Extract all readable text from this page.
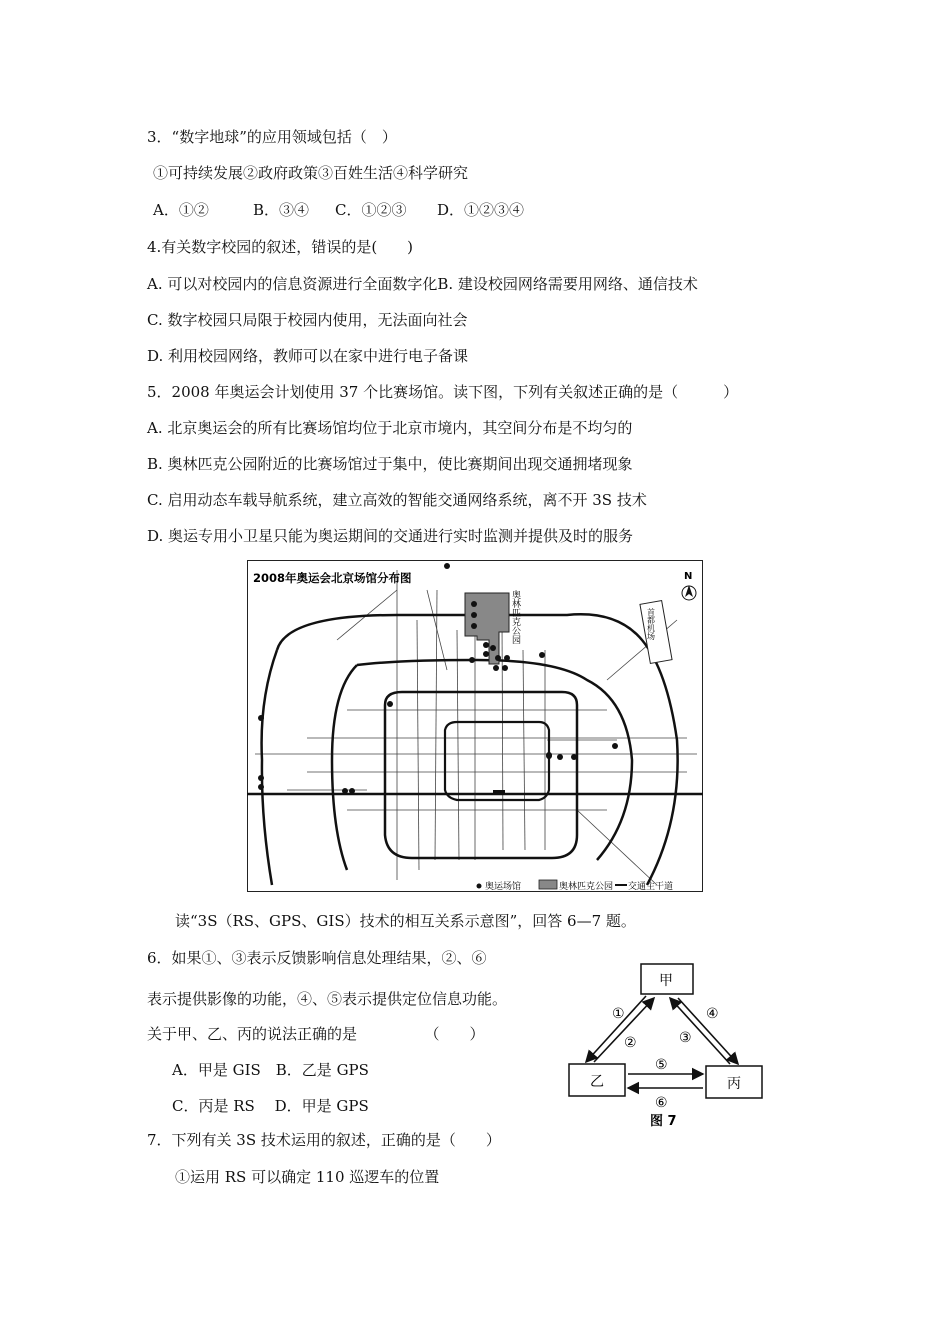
3．“数字地球”的应用领域包括（　）
①可持续发展②政府政策③百姓生活④科学研究
A．①②	B．③④ C．①②③ D．①②③④
4.有关数字校园的叙述，错误的是(　　)
A. 可以对校园内的信息资源进行全面数字化B. 建设校园网络需要用网络、通信技术
C. 数字校园只局限于校园内使用，无法面向社会
D. 利用校园网络，教师可以在家中进行电子备课
5．2008 年奥运会计划使用 37 个比赛场馆。读下图，下列有关叙述正确的是（　　　）
A. 北京奥运会的所有比赛场馆均位于北京市境内，其空间分布是不均匀的
B. 奥林匹克公园附近的比赛场馆过于集中，使比赛期间出现交通拥堵现象
C. 启用动态车载导航系统，建立高效的智能交通网络系统，离不开 3S 技术
D. 奥运专用小卫星只能为奥运期间的交通进行实时监测并提供及时的服务
奥林匹克公园	首都机场
2008年奥运会北京场馆分布图	N
奥运场馆	奥林匹克公园 交通主干道
读“3S（RS、GPS、GIS）技术的相互关系示意图”，回答 6—7 题。
6．如果①、③表示反馈影响信息处理结果，②、⑥
表示提供影像的功能，④、⑤表示提供定位信息功能。
关于甲、乙、丙的说法正确的是　　　　　（　　）
A．甲是 GIS　B．乙是 GPS
C．丙是 RS　 D．甲是 GPS
甲
乙	丙
①
②	③
④
⑤
⑥
图 7
7．下列有关 3S 技术运用的叙述，正确的是（　　）
①运用 RS 可以确定 110 巡逻车的位置
